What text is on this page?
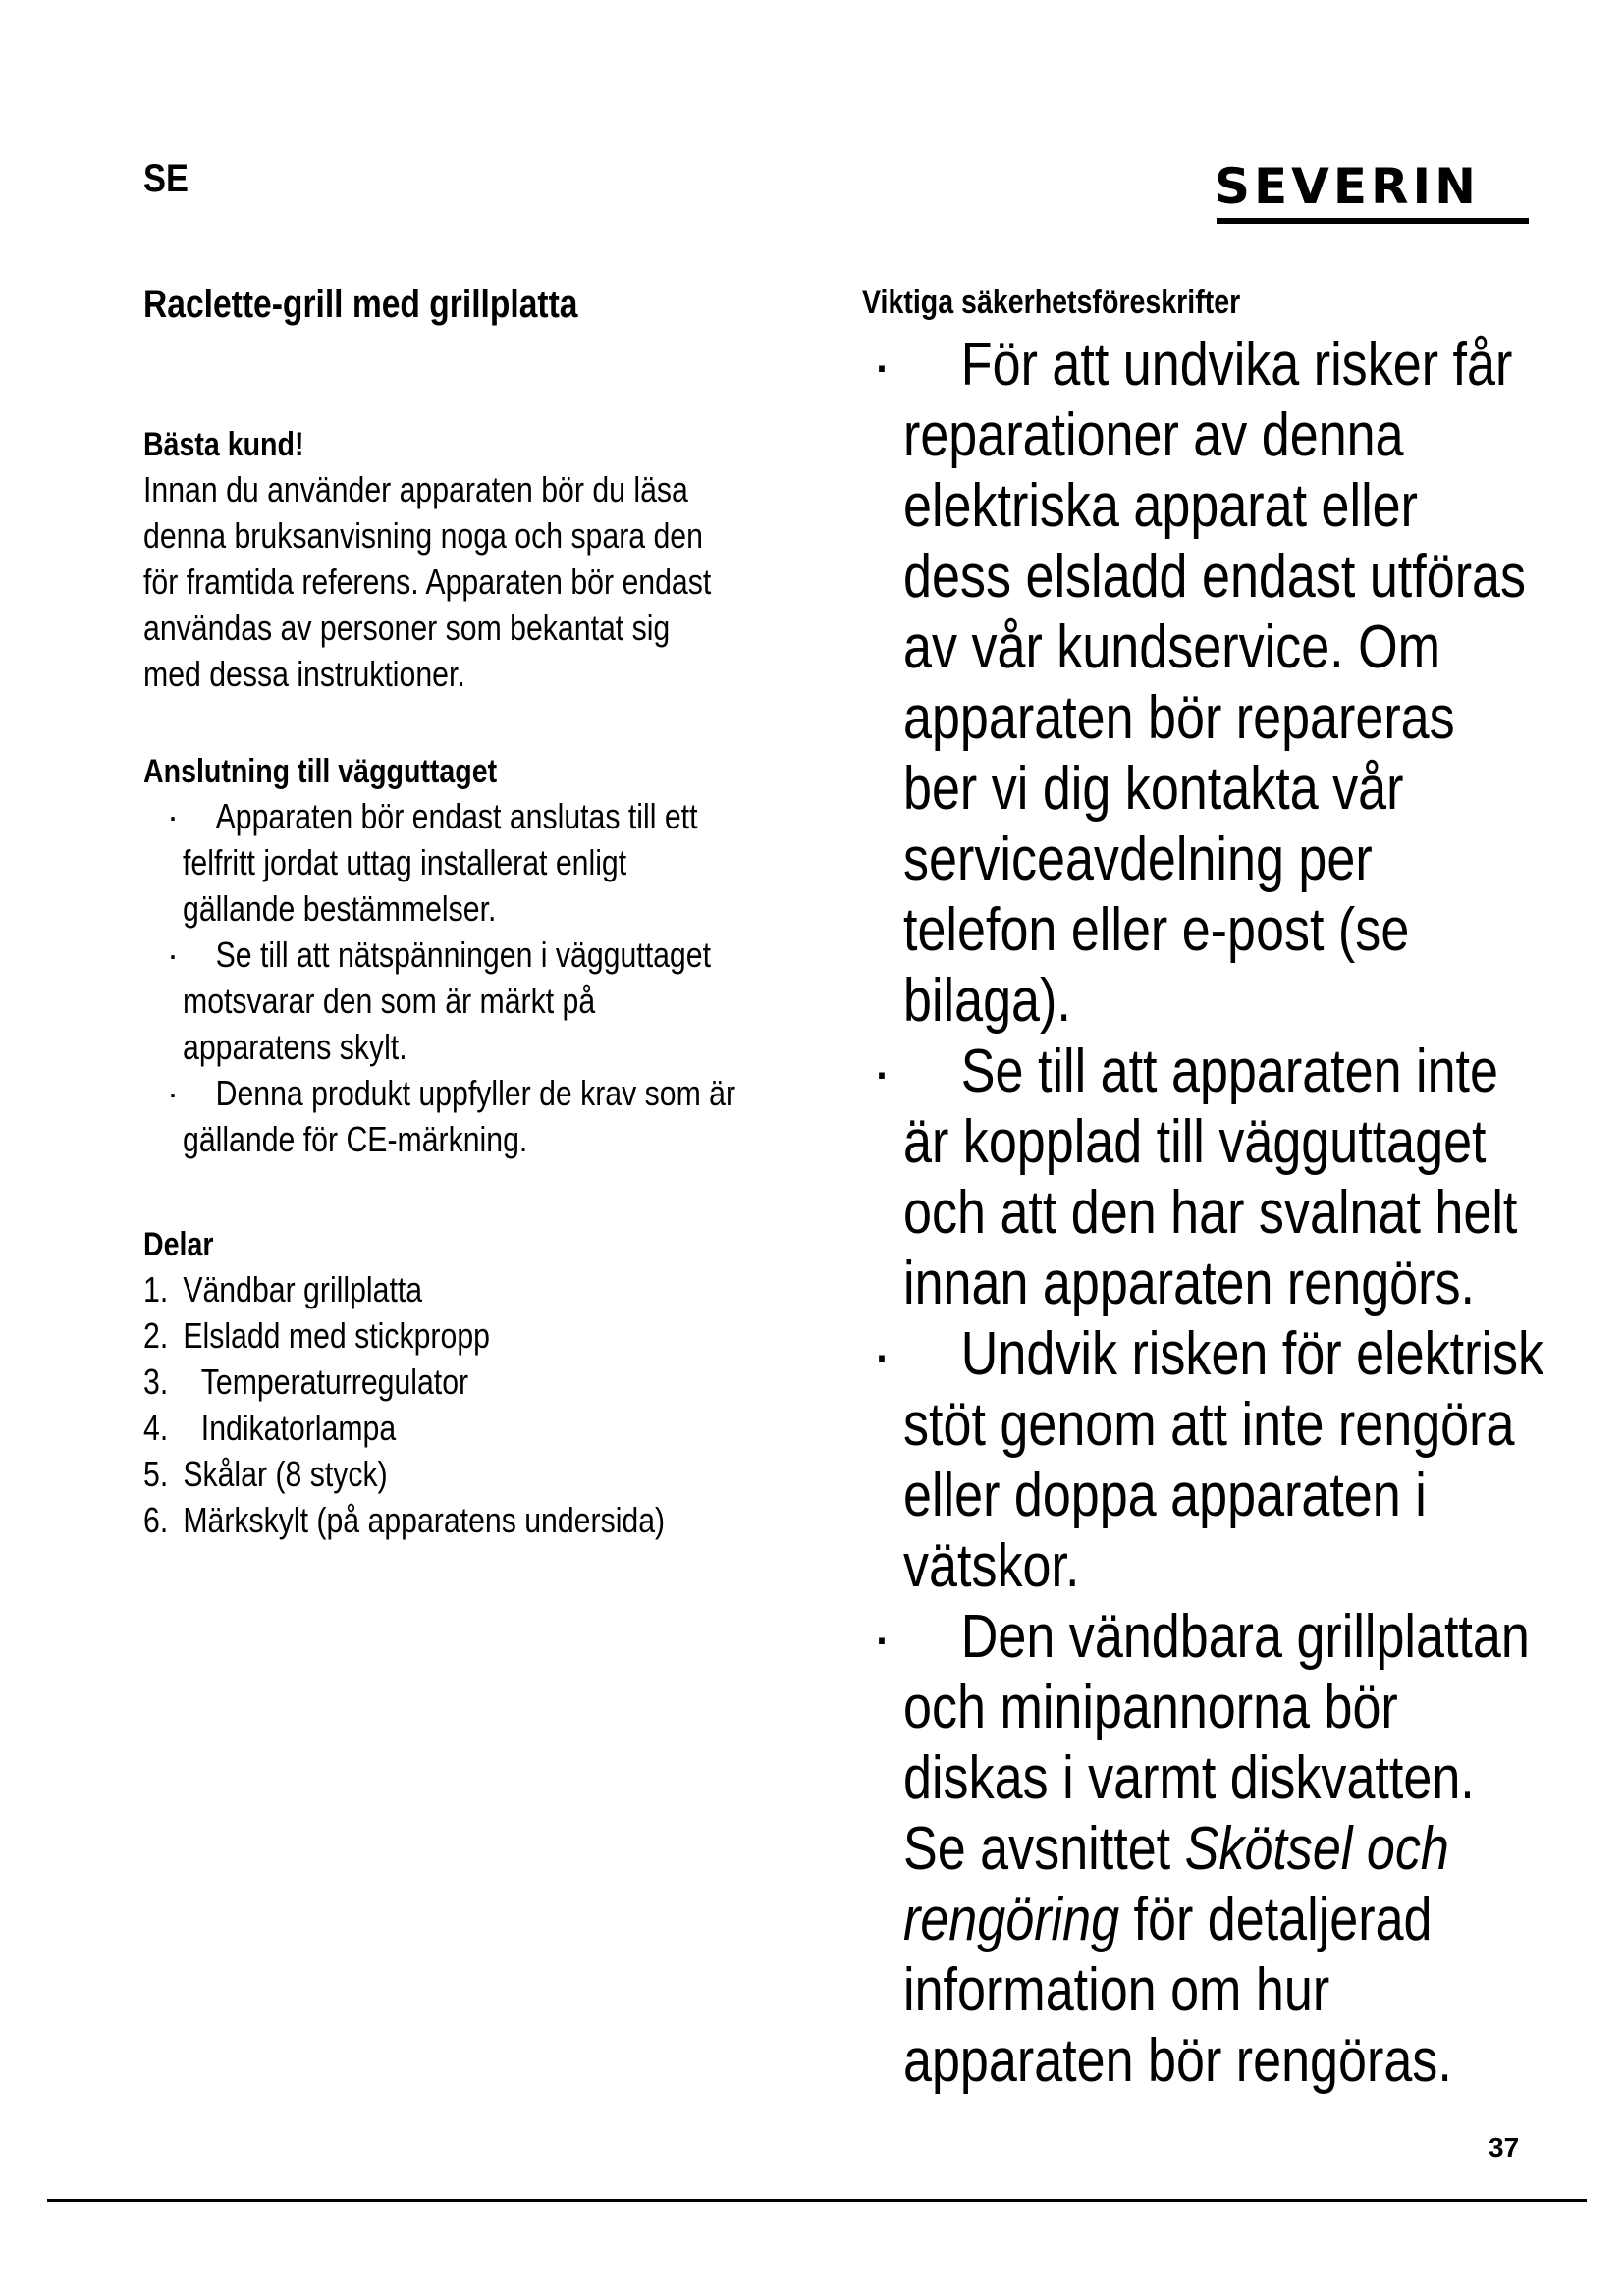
SE	SEVERIN
Raclette-grill med grillplatta
Bästa kund!
Innan du använder apparaten bör du läsa
denna bruksanvisning noga och spara den
för framtida referens. Apparaten bör endast
användas av personer som bekantat sig
med dessa instruktioner.
Anslutning till vägguttaget
·	Apparaten bör endast anslutas till ett
felfritt jordat uttag installerat enligt
gällande bestämmelser.
·	Se till att nätspänningen i vägguttaget
motsvarar den som är märkt på
apparatens skylt.
·	Denna produkt uppfyller de krav som är
gällande för CE-märkning.
Delar
1. Vändbar grillplatta
2. Elsladd med stickpropp
3. Temperaturregulator
4. Indikatorlampa
5. Skålar (8 styck)
6. Märkskylt (på apparatens undersida)
Viktiga säkerhetsföreskrifter
·	För att undvika risker får
reparationer av denna
elektriska apparat eller
dess elsladd endast utföras
av vår kundservice. Om
apparaten bör repareras
ber vi dig kontakta vår
serviceavdelning per
telefon eller e-post (se
bilaga).
·	Se till att apparaten inte
är kopplad till vägguttaget
och att den har svalnat helt
innan apparaten rengörs.
·	Undvik risken för elektrisk
stöt genom att inte rengöra
eller doppa apparaten i
vätskor.
·	Den vändbara grillplattan
och minipannorna bör
diskas i varmt diskvatten.
Se avsnittet Skötsel och
rengöring för detaljerad
information om hur
apparaten bör rengöras.
37
